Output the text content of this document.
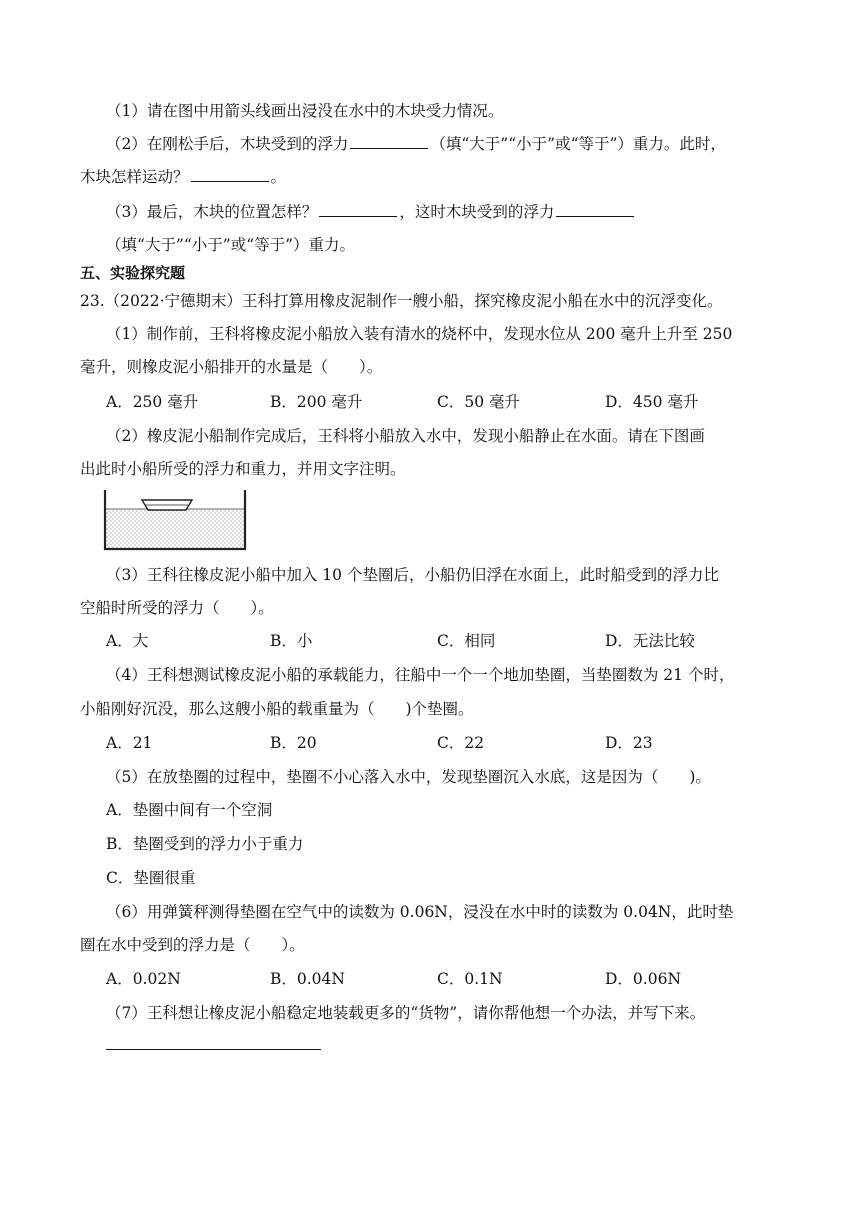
（1）请在图中用箭头线画出浸没在水中的木块受力情况。
（2）在刚松手后，木块受到的浮力	（填“大于”“小于”或“等于”）重力。此时，
木块怎样运动？	。
（3）最后，木块的位置怎样？	，这时木块受到的浮力
（填“大于”“小于”或“等于”）重力。
五、实验探究题
23.（2022·宁德期末）王科打算用橡皮泥制作一艘小船，探究橡皮泥小船在水中的沉浮变化。
（1）制作前，王科将橡皮泥小船放入装有清水的烧杯中，发现水位从 200 毫升上升至 250
毫升，则橡皮泥小船排开的水量是（　　）。
A．250 毫升	B．200 毫升	C．50 毫升	D．450 毫升
（2）橡皮泥小船制作完成后，王科将小船放入水中，发现小船静止在水面。请在下图画
出此时小船所受的浮力和重力，并用文字注明。
（3）王科往橡皮泥小船中加入 10 个垫圈后，小船仍旧浮在水面上，此时船受到的浮力比
空船时所受的浮力（　　）。
A．大	B．小	C．相同	D．无法比较
（4）王科想测试橡皮泥小船的承载能力，往船中一个一个地加垫圈，当垫圈数为 21 个时，
小船刚好沉没，那么这艘小船的载重量为（　　)个垫圈。
A．21	B．20	C．22	D．23
（5）在放垫圈的过程中，垫圈不小心落入水中，发现垫圈沉入水底，这是因为（　　)。
A．垫圈中间有一个空洞
B．垫圈受到的浮力小于重力
C．垫圈很重
（6）用弹簧秤测得垫圈在空气中的读数为 0.06N，浸没在水中时的读数为 0.04N，此时垫
圈在水中受到的浮力是（　　）。
A．0.02N	B．0.04N	C．0.1N	D．0.06N
（7）王科想让橡皮泥小船稳定地装载更多的“货物”，请你帮他想一个办法，并写下来。
